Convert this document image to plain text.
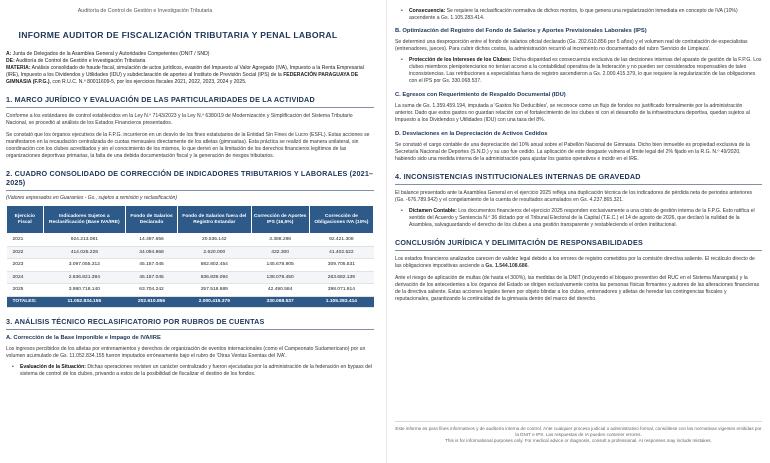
Auditoría de Control de Gestión e Investigación Tributaria
INFORME AUDITOR DE FISCALIZACIÓN TRIBUTARIA Y PENAL LABORAL
A: Junta de Delegados de la Asamblea General y Autoridades Competentes (DNIT / SND)
DE: Auditoría de Control de Gestión e Investigación Tributaria
MATERIA: Análisis consolidado de fraude fiscal, simulación de actos jurídicos, evasión del Impuesto al Valor Agregado (IVA), Impuesto a la Renta Empresarial (IRE), Impuesto a los Dividendos y Utilidades (IDU) y subdeclaración de aportes al Instituto de Previsión Social (IPS) de la FEDERACIÓN PARAGUAYA DE GIMNASIA (F.P.G.), con R.U.C. N.º 80011609-5, por los ejercicios fiscales 2021, 2022, 2023, 2024 y 2025.
1. MARCO JURÍDICO Y EVALUACIÓN DE LAS PARTICULARIDADES DE LA ACTIVIDAD
Conforme a los estándares de control establecidos en la Ley N.º 7143/2023 y la Ley N.º 6380/19 de Modernización y Simplificación del Sistema Tributario Nacional, se procedió al análisis de los Estados Financieros presentados.
Se constató que los órganos ejecutivos de la F.P.G. incurrieron en un desvío de los fines estatutarios de la Entidad Sin Fines de Lucro (ESFL). Estas acciones se manifestaron en la recaudación centralizada de cuotas mensuales directamente de los atletas (gimnastas). Esta práctica se realizó de manera unilateral, sin coordinación con los clubes acreditados y sin el conocimiento de los mismos, lo que derivó en la limitación de los derechos financieros legítimos de las organizaciones deportivas primarias, la falta de una debida documentación fiscal y la generación de riesgos tributarios.
2. CUADRO CONSOLIDADO DE CORRECCIÓN DE INDICADORES TRIBUTARIOS Y LABORALES (2021–2025)
(Valores expresados en Guaraníes - Gs., sujetos a remisión y reclasificación)
Ejercicio Fiscal	Indicadores Sujetos a Reclasificación (Base IVA/IRE)	Fondo de Salarios Declarado	Fondo de Salarios fuera del Registro Estandar	Corrección de Aportes IPS (16,5%)	Corrección de Obligaciones IVA (10%)
2021	924.213.081	14.497.656	20.535.142	3.388.298	92.421.308
2022	414.025.228	34.094.868	2.620.000	432.300	41.402.522
2023	3.097.055.312	45.157.045	882.802.454	145.678.905	309.705.531
2024	2.636.821.394	45.157.045	836.839.094	138.078.450	263.682.139
2025	3.980.718.140	63.704.242	257.518.689	42.490.584	398.071.914
TOTALES:	11.052.834.155	202.610.856	2.000.415.379	330.068.537	1.105.283.414
3. ANÁLISIS TÉCNICO RECLASIFICATORIO POR RUBROS DE CUENTAS
A. Corrección de la Base Imponible e Impago de IVA/IRE
Los ingresos percibidos de los atletas por entrenamientos y derechos de organización de eventos internacionales (como el Campeonato Sudamericano) por un volumen acumulado de Gs. 11.052.834.155 fueron imputados erróneamente bajo el rubro de 'Otras Ventas Exentas del IVA'.
• Evaluación de la Situación: Dichas operaciones revisten un carácter centralizado y fueron ejecutadas por la administración de la federación en bypass del sistema de control de los clubes, privando a estos de la posibilidad de fiscalizar el destino de los fondos.
• Consecuencia: Se requiere la reclasificación normativa de dichos montos, lo que genera una regularización inmediata en concepto de IVA (10%) ascendente a Gs. 1.105.283.414.
B. Optimización del Registro del Fondo de Salarios y Aportes Previsionales Laborales (IPS)
Se determinó una desproporción entre el fondo de salarios oficial declarado (Gs. 202.610.856 por 5 años) y el volumen real de contratación de especialistas (entrenadores, jueces). Para cubrir dichos costos, la administración recurrió al incremento no documentado del rubro 'Servicio de Limpieza'.
• Protección de los Intereses de los Clubes: Dicha disparidad es consecuencia exclusiva de las decisiones internas del aparato de gestión de la F.P.G. Los clubes miembros plenipotenciarios no tenían acceso a la contabilidad operativa de la federación y no pueden ser considerados responsables de tales inconsistencias. Las retribuciones a especialistas fuera de registro ascendieron a Gs. 2.000.415.379, lo que requiere la regularización de las obligaciones con el IPS por Gs. 330.068.537.
C. Egresos con Requerimiento de Respaldo Documental (IDU)
La suma de Gs. 1.359.459.194, imputada a 'Gastos No Deducibles', se reconoce como un flujo de fondos no justificado formalmente por la administración anterior. Dado que estos gastos no guardan relación con el fortalecimiento de los clubes ni con el desarrollo de la infraestructura deportiva, quedan sujetos al Impuesto a los Dividendos y Utilidades (IDU) con una tasa del 8%.
D. Desviaciones en la Depreciación de Activos Cedidos
Se constató el cargo contable de una depreciación del 10% anual sobre el Pabellón Nacional de Gimnasia. Dicho bien inmueble es propiedad exclusiva de la Secretaría Nacional de Deportes (S.N.D.) y su uso fue cedido. La aplicación de este desgaste vulnera el límite legal del 2% fijado en la R.G. N.º 49/2020, habiendo sido una medida interna de la administración para ajustar los gastos operativos e incidir en el IRE.
4. INCONSISTENCIAS INSTITUCIONALES INTERNAS DE GRAVEDAD
El balance presentado ante la Asamblea General en el ejercicio 2025 refleja una duplicación técnica de los indicadores de pérdida neta de periodos anteriores (Gs. -676.789.942) y el congelamiento de la cuenta de resultados acumulados en Gs. 4.237.865.321.
• Dictamen Contable: Los documentos financieros del ejercicio 2025 responden exclusivamente a una crisis de gestión interna de la F.P.G. Esto ratifica el sentido del Acuerdo y Sentencia N.º 36 dictado por el Tribunal Electoral de la Capital (T.E.C.) el 14 de agosto de 2026, que declaró la nulidad de la Asamblea, salvaguardando el derecho de los clubes a una gestión transparente y restableciendo el orden institucional.
CONCLUSIÓN JURÍDICA Y DELIMITACIÓN DE RESPONSABILIDADES
Los estados financieros analizados carecen de validez legal debido a los errores de registro cometidos por la comisión directiva saliente. El recálculo directo de las obligaciones impositivas asciende a Gs. 1.544.108.686.
Ante el riesgo de aplicación de multas (de hasta el 300%), las medidas de la DNIT (incluyendo el bloqueo preventivo del RUC en el Sistema Marangatu) y la derivación de los antecedentes a los órganos del Estado se dirigen exclusivamente contra las personas físicas firmantes y autores de las alteraciones financieras de la directiva saliente. Estas acciones legales tienen por objeto blindar a los clubes, entrenadores y atletas de heredar las contingencias fiscales y reputacionales, garantizando la continuidad de la gimnasia dentro del marco del derecho.
Este informe es para fines informativos y de auditoría interna de control. Ante cualquier proceso judicial o administrativo formal, consúltese con las normativas vigentes emitidas por la DNIT e IPS. Las respuestas de IA pueden contener errores.
This is for informational purposes only. For medical advice or diagnosis, consult a professional. AI responses may include mistakes.
